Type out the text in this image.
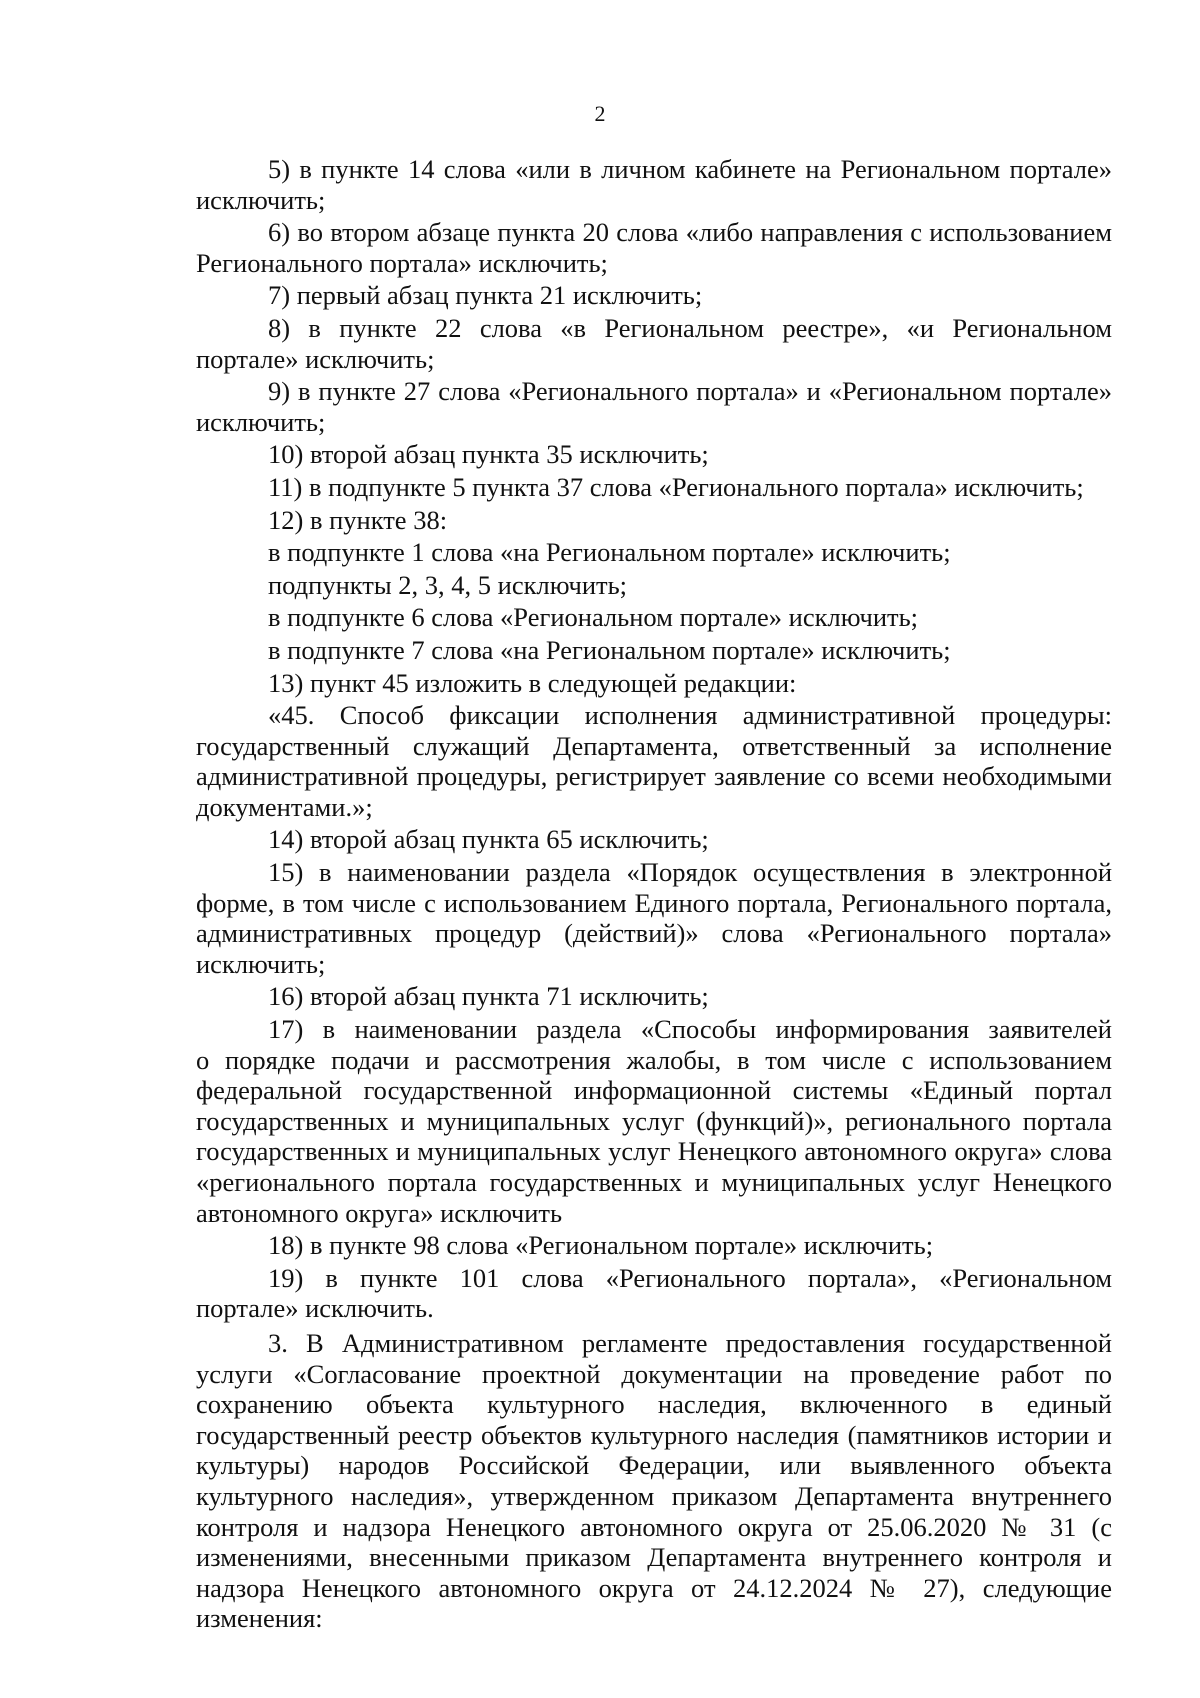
2

5) в пункте 14 слова «или в личном кабинете на Региональном портале» исключить;

6) во втором абзаце пункта 20 слова «либо направления с использованием Регионального портала» исключить;

7) первый абзац пункта 21 исключить;

8) в пункте 22 слова «в Региональном реестре», «и Региональном портале» исключить;

9) в пункте 27 слова «Регионального портала» и «Региональном портале» исключить;

10) второй абзац пункта 35 исключить;

11) в подпункте 5 пункта 37 слова «Регионального портала» исключить;

12) в пункте 38:

в подпункте 1 слова «на Региональном портале» исключить;

подпункты 2, 3, 4, 5 исключить;

в подпункте 6 слова «Региональном портале» исключить;

в подпункте 7 слова «на Региональном портале» исключить;

13) пункт 45 изложить в следующей редакции:

«45. Способ фиксации исполнения административной процедуры: государственный служащий Департамента, ответственный за исполнение административной процедуры, регистрирует заявление со всеми необходимыми документами.»;

14) второй абзац пункта 65 исключить;

15) в наименовании раздела «Порядок осуществления в электронной форме, в том числе с использованием Единого портала, Регионального портала, административных процедур (действий)» слова «Регионального портала» исключить;

16) второй абзац пункта 71 исключить;

17) в наименовании раздела «Способы информирования заявителей о порядке подачи и рассмотрения жалобы, в том числе с использованием федеральной государственной информационной системы «Единый портал государственных и муниципальных услуг (функций)», регионального портала государственных и муниципальных услуг Ненецкого автономного округа» слова «регионального портала государственных и муниципальных услуг Ненецкого автономного округа» исключить

18) в пункте 98 слова «Региональном портале» исключить;

19) в пункте 101 слова «Регионального портала», «Региональном портале» исключить.

3. В Административном регламенте предоставления государственной услуги «Согласование проектной документации на проведение работ по сохранению объекта культурного наследия, включенного в единый государственный реестр объектов культурного наследия (памятников истории и культуры) народов Российской Федерации, или выявленного объекта культурного наследия», утвержденном приказом Департамента внутреннего контроля и надзора Ненецкого автономного округа от 25.06.2020 № 31 (с изменениями, внесенными приказом Департамента внутреннего контроля и надзора Ненецкого автономного округа от 24.12.2024 № 27), следующие изменения:
